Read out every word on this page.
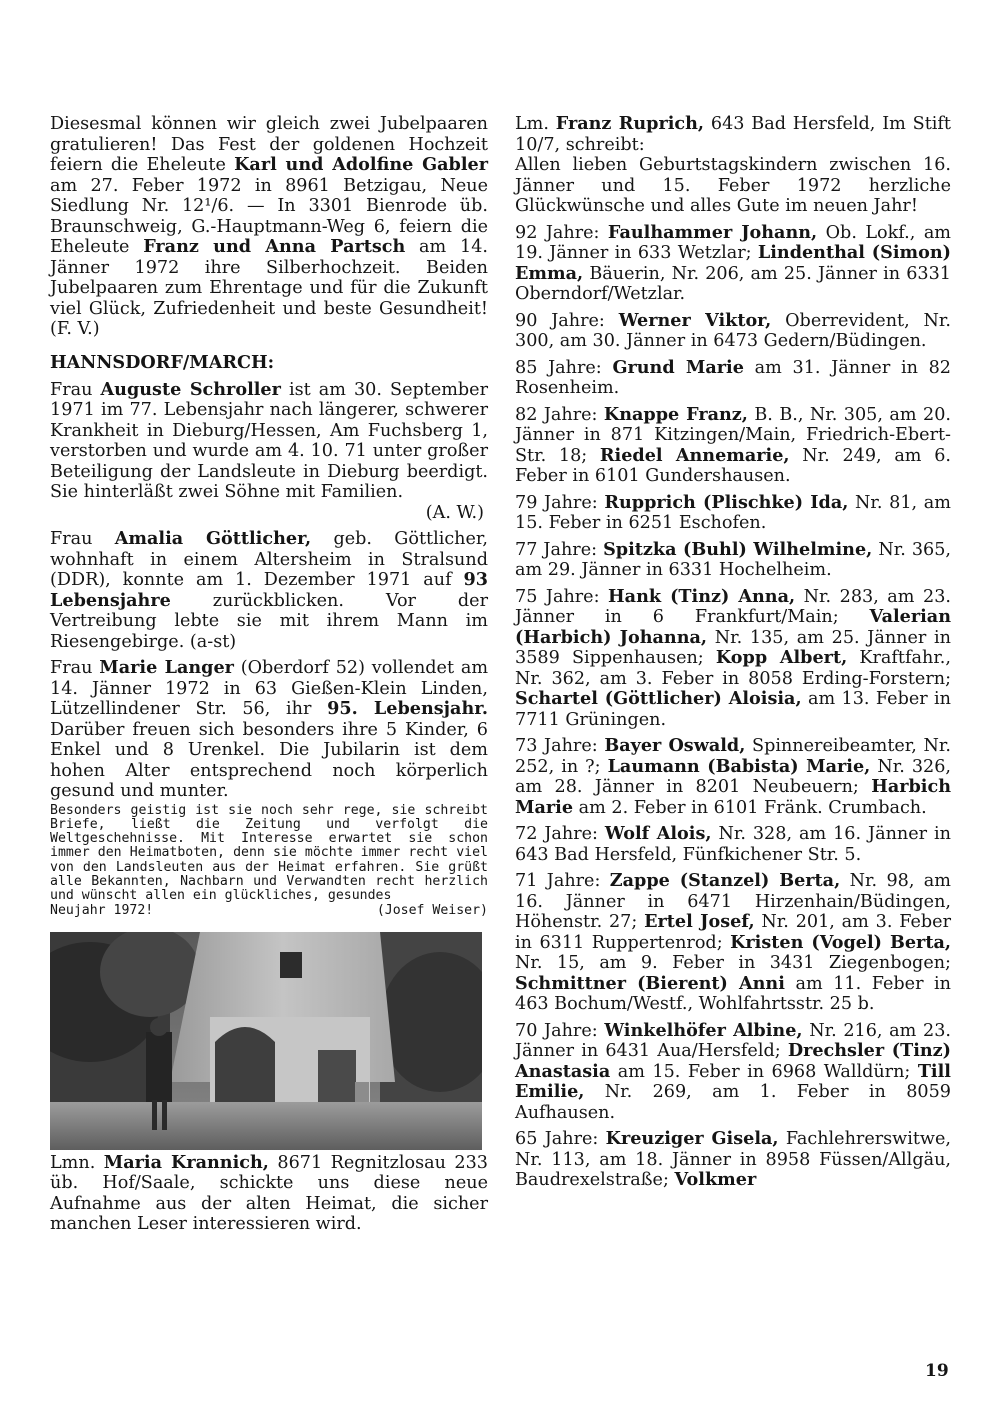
Diesesmal können wir gleich zwei Jubelpaaren gratulieren! Das Fest der goldenen Hochzeit feiern die Eheleute Karl und Adolfine Gabler am 27. Feber 1972 in 8961 Betzigau, Neue Siedlung Nr. 12¹/6. — In 3301 Bienrode üb. Braunschweig, G.-Hauptmann-Weg 6, feiern die Eheleute Franz und Anna Partsch am 14. Jänner 1972 ihre Silberhochzeit. Beiden Jubelpaaren zum Ehrentage und für die Zukunft viel Glück, Zufriedenheit und beste Gesundheit! (F. V.)

HANNSDORF/MARCH:

Frau Auguste Schroller ist am 30. September 1971 im 77. Lebensjahr nach längerer, schwerer Krankheit in Dieburg/Hessen, Am Fuchsberg 1, verstorben und wurde am 4. 10. 71 unter großer Beteiligung der Landsleute in Dieburg beerdigt. Sie hinterläßt zwei Söhne mit Familien.

(A. W.)

Frau Amalia Göttlicher, geb. Göttlicher, wohnhaft in einem Altersheim in Stralsund (DDR), konnte am 1. Dezember 1971 auf 93 Lebensjahre zurückblicken. Vor der Vertreibung lebte sie mit ihrem Mann im Riesengebirge. (a-st)

Frau Marie Langer (Oberdorf 52) vollendet am 14. Jänner 1972 in 63 Gießen-Klein Linden, Lützellindener Str. 56, ihr 95. Lebensjahr. Darüber freuen sich besonders ihre 5 Kinder, 6 Enkel und 8 Urenkel. Die Jubilarin ist dem hohen Alter entsprechend noch körperlich gesund und munter.

Besonders geistig ist sie noch sehr rege, sie schreibt Briefe, ließt die Zeitung und verfolgt die Weltgeschehnisse. Mit Interesse erwartet sie schon immer den Heimatboten, denn sie möchte immer recht viel von den Landsleuten aus der Heimat erfahren. Sie grüßt alle Bekannten, Nachbarn und Verwandten recht herzlich und wünscht allen ein glückliches, gesundes
Neujahr 1972!	(Josef Weiser)

Lmn. Maria Krannich, 8671 Regnitzlosau 233 üb. Hof/Saale, schickte uns diese neue Aufnahme aus der alten Heimat, die sicher manchen Leser interessieren wird.

Lm. Franz Ruprich, 643 Bad Hersfeld, Im Stift 10/7, schreibt:

Allen lieben Geburtstagskindern zwischen 16. Jänner und 15. Feber 1972 herzliche Glückwünsche und alles Gute im neuen Jahr!

92 Jahre: Faulhammer Johann, Ob. Lokf., am 19. Jänner in 633 Wetzlar; Lindenthal (Simon) Emma, Bäuerin, Nr. 206, am 25. Jänner in 6331 Oberndorf/Wetzlar.

90 Jahre: Werner Viktor, Oberrevident, Nr. 300, am 30. Jänner in 6473 Gedern/Büdingen.

85 Jahre: Grund Marie am 31. Jänner in 82 Rosenheim.

82 Jahre: Knappe Franz, B. B., Nr. 305, am 20. Jänner in 871 Kitzingen/Main, Friedrich-Ebert-Str. 18; Riedel Annemarie, Nr. 249, am 6. Feber in 6101 Gundershausen.

79 Jahre: Rupprich (Plischke) Ida, Nr. 81, am 15. Feber in 6251 Eschofen.

77 Jahre: Spitzka (Buhl) Wilhelmine, Nr. 365, am 29. Jänner in 6331 Hochelheim.

75 Jahre: Hank (Tinz) Anna, Nr. 283, am 23. Jänner in 6 Frankfurt/Main; Valerian (Harbich) Johanna, Nr. 135, am 25. Jänner in 3589 Sippenhausen; Kopp Albert, Kraftfahr., Nr. 362, am 3. Feber in 8058 Erding-Forstern; Schartel (Göttlicher) Aloisia, am 13. Feber in 7711 Grüningen.

73 Jahre: Bayer Oswald, Spinnereibeamter, Nr. 252, in ?; Laumann (Babista) Marie, Nr. 326, am 28. Jänner in 8201 Neubeuern; Harbich Marie am 2. Feber in 6101 Fränk. Crumbach.

72 Jahre: Wolf Alois, Nr. 328, am 16. Jänner in 643 Bad Hersfeld, Fünfkichener Str. 5.

71 Jahre: Zappe (Stanzel) Berta, Nr. 98, am 16. Jänner in 6471 Hirzenhain/Büdingen, Höhenstr. 27; Ertel Josef, Nr. 201, am 3. Feber in 6311 Ruppertenrod; Kristen (Vogel) Berta, Nr. 15, am 9. Feber in 3431 Ziegenbogen; Schmittner (Bierent) Anni am 11. Feber in 463 Bochum/Westf., Wohlfahrtsstr. 25 b.

70 Jahre: Winkelhöfer Albine, Nr. 216, am 23. Jänner in 6431 Aua/Hersfeld; Drechsler (Tinz) Anastasia am 15. Feber in 6968 Walldürn; Till Emilie, Nr. 269, am 1. Feber in 8059 Aufhausen.

65 Jahre: Kreuziger Gisela, Fachlehrerswitwe, Nr. 113, am 18. Jänner in 8958 Füssen/Allgäu, Baudrexelstraße; Volkmer

19
